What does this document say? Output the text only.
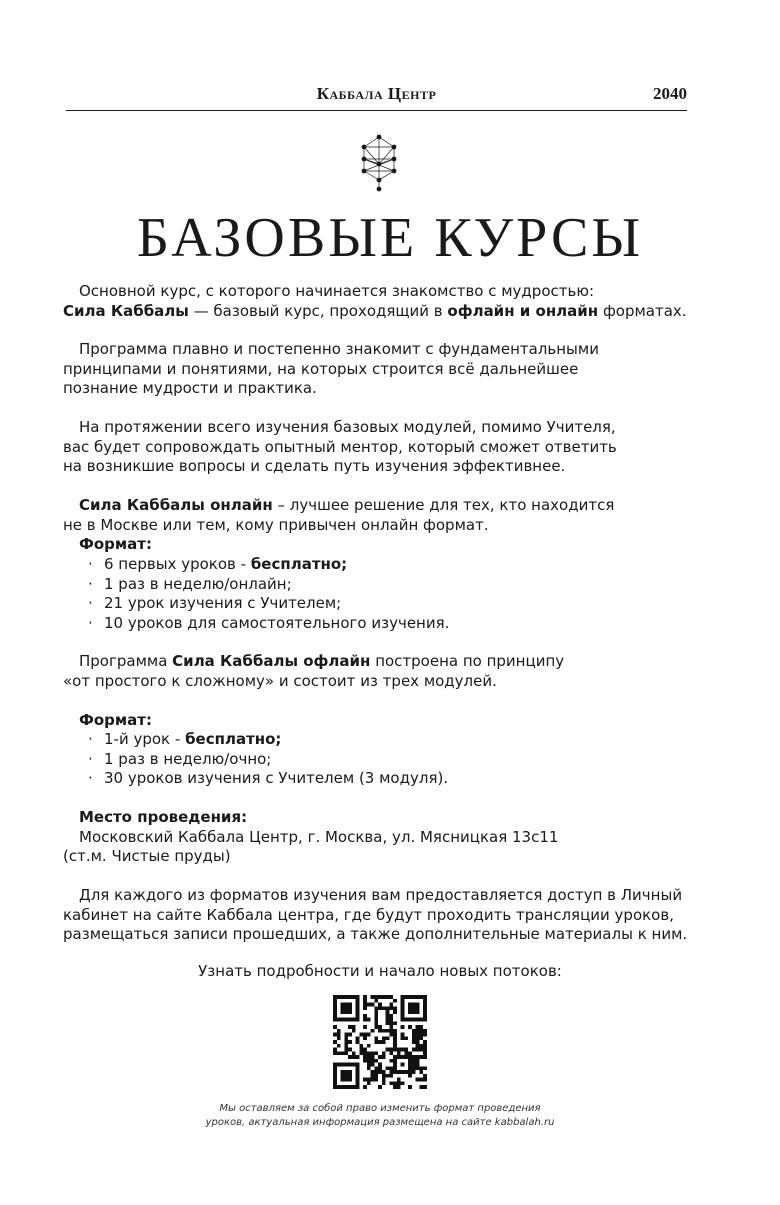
Каббала Центр	2040
БАЗОВЫЕ КУРСЫ
Основной курс, с которого начинается знакомство с мудростью:
Сила Каббалы — базовый курс, проходящий в офлайн и онлайн форматах.
Программа плавно и постепенно знакомит с фундаментальными
принципами и понятиями, на которых строится всё дальнейшее
познание мудрости и практика.
На протяжении всего изучения базовых модулей, помимо Учителя,
вас будет сопровождать опытный ментор, который сможет ответить
на возникшие вопросы и сделать путь изучения эффективнее.
Сила Каббалы онлайн – лучшее решение для тех, кто находится
не в Москве или тем, кому привычен онлайн формат.
Формат:
· 6 первых уроков - бесплатно;
· 1 раз в неделю/онлайн;
· 21 урок изучения с Учителем;
· 10 уроков для самостоятельного изучения.
Программа Сила Каббалы офлайн построена по принципу
«от простого к сложному» и состоит из трех модулей.
Формат:
· 1-й урок - бесплатно;
· 1 раз в неделю/очно;
· 30 уроков изучения с Учителем (3 модуля).
Место проведения:
Московский Каббала Центр, г. Москва, ул. Мясницкая 13с11
(ст.м. Чистые пруды)
Для каждого из форматов изучения вам предоставляется доступ в Личный
кабинет на сайте Каббала центра, где будут проходить трансляции уроков,
размещаться записи прошедших, а также дополнительные материалы к ним.
Узнать подробности и начало новых потоков:
Мы оставляем за собой право изменить формат проведения
уроков, актуальная информация размещена на сайте kabbalah.ru
